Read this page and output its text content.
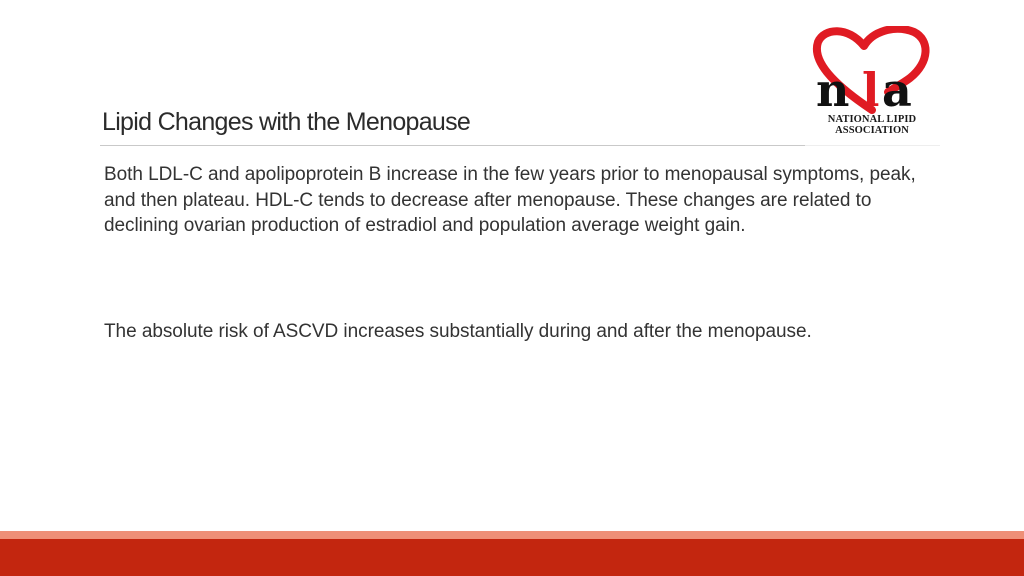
n l a
NATIONAL LIPID
ASSOCIATION
Lipid Changes with the Menopause

Both LDL-C and apolipoprotein B increase in the few years prior to menopausal symptoms, peak, and then plateau. HDL-C tends to decrease after menopause. These changes are related to declining ovarian production of estradiol and population average weight gain.

The absolute risk of ASCVD increases substantially during and after the menopause.
